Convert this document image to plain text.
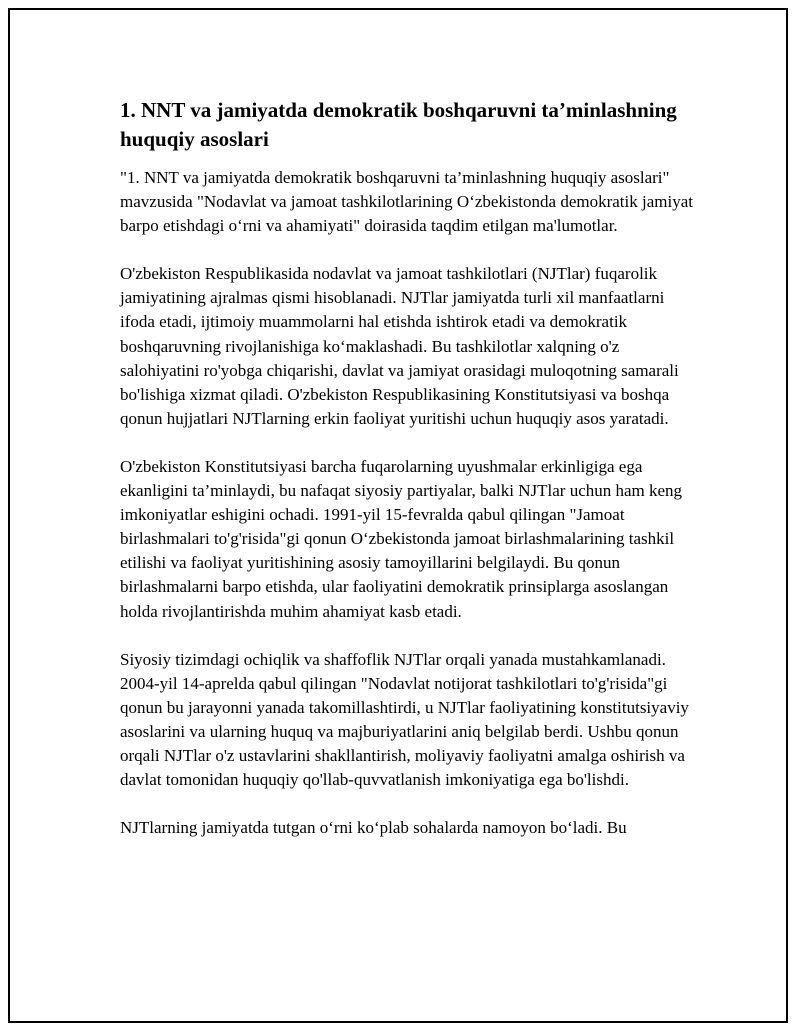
1. NNT va jamiyatda demokratik boshqaruvni ta’minlashning huquqiy asoslari

"1. NNT va jamiyatda demokratik boshqaruvni ta’minlashning huquqiy asoslari" mavzusida "Nodavlat va jamoat tashkilotlarining O‘zbekistonda demokratik jamiyat barpo etishdagi o‘rni va ahamiyati" doirasida taqdim etilgan ma'lumotlar.

O'zbekiston Respublikasida nodavlat va jamoat tashkilotlari (NJTlar) fuqarolik jamiyatining ajralmas qismi hisoblanadi. NJTlar jamiyatda turli xil manfaatlarni ifoda etadi, ijtimoiy muammolarni hal etishda ishtirok etadi va demokratik boshqaruvning rivojlanishiga ko‘maklashadi. Bu tashkilotlar xalqning o'z salohiyatini ro'yobga chiqarishi, davlat va jamiyat orasidagi muloqotning samarali bo'lishiga xizmat qiladi. O'zbekiston Respublikasining Konstitutsiyasi va boshqa qonun hujjatlari NJTlarning erkin faoliyat yuritishi uchun huquqiy asos yaratadi.

O'zbekiston Konstitutsiyasi barcha fuqarolarning uyushmalar erkinligiga ega ekanligini ta’minlaydi, bu nafaqat siyosiy partiyalar, balki NJTlar uchun ham keng imkoniyatlar eshigini ochadi. 1991-yil 15-fevralda qabul qilingan "Jamoat birlashmalari to'g'risida"gi qonun O‘zbekistonda jamoat birlashmalarining tashkil etilishi va faoliyat yuritishining asosiy tamoyillarini belgilaydi. Bu qonun birlashmalarni barpo etishda, ular faoliyatini demokratik prinsiplarga asoslangan holda rivojlantirishda muhim ahamiyat kasb etadi.

Siyosiy tizimdagi ochiqlik va shaffoflik NJTlar orqali yanada mustahkamlanadi. 2004-yil 14-aprelda qabul qilingan "Nodavlat notijorat tashkilotlari to'g'risida"gi qonun bu jarayonni yanada takomillashtirdi, u NJTlar faoliyatining konstitutsiyaviy asoslarini va ularning huquq va majburiyatlarini aniq belgilab berdi. Ushbu qonun orqali NJTlar o'z ustavlarini shakllantirish, moliyaviy faoliyatni amalga oshirish va davlat tomonidan huquqiy qo'llab-quvvatlanish imkoniyatiga ega bo'lishdi.

NJTlarning jamiyatda tutgan o‘rni ko‘plab sohalarda namoyon bo‘ladi. Bu
